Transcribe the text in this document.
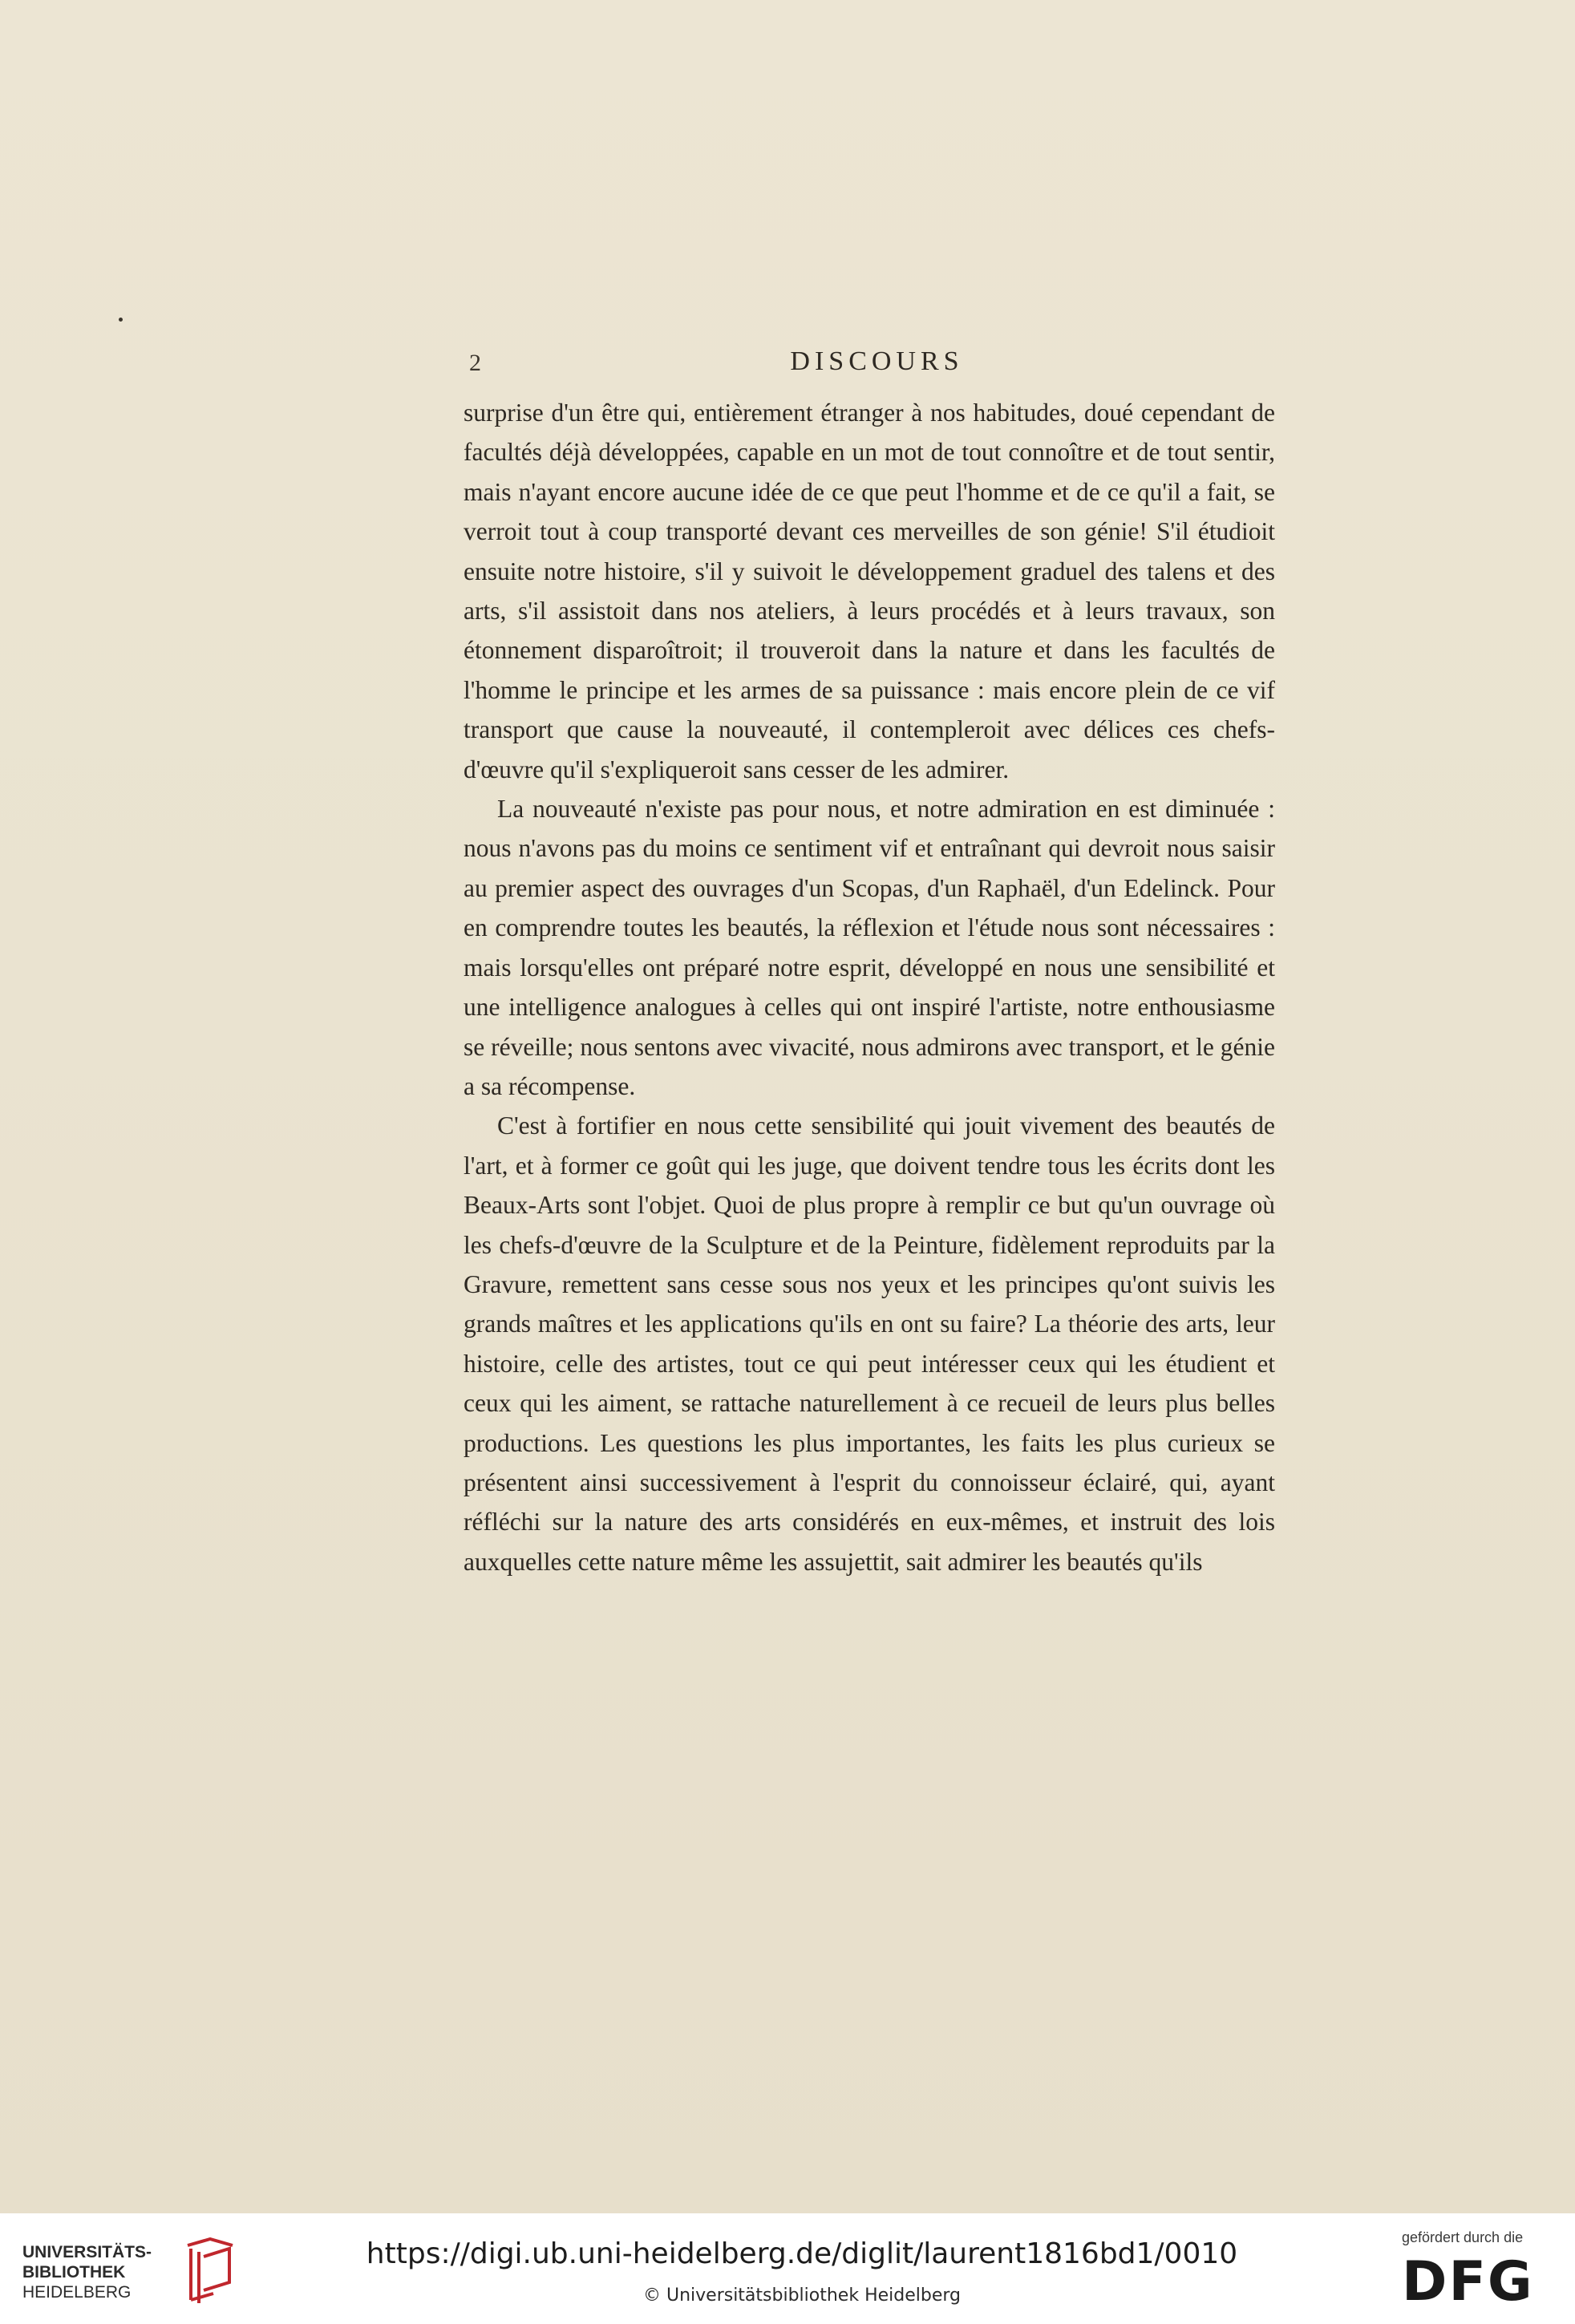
2	DISCOURS

surprise d'un être qui, entièrement étranger à nos habitudes, doué cependant de facultés déjà développées, capable en un mot de tout connoître et de tout sentir, mais n'ayant encore aucune idée de ce que peut l'homme et de ce qu'il a fait, se verroit tout à coup transporté devant ces merveilles de son génie! S'il étudioit ensuite notre histoire, s'il y suivoit le développement graduel des talens et des arts, s'il assistoit dans nos ateliers, à leurs procédés et à leurs travaux, son étonnement disparoîtroit; il trouveroit dans la nature et dans les facultés de l'homme le principe et les armes de sa puissance : mais encore plein de ce vif transport que cause la nouveauté, il contempleroit avec délices ces chefs-d'œuvre qu'il s'expliqueroit sans cesser de les admirer.

La nouveauté n'existe pas pour nous, et notre admiration en est diminuée : nous n'avons pas du moins ce sentiment vif et entraînant qui devroit nous saisir au premier aspect des ouvrages d'un Scopas, d'un Raphaël, d'un Edelinck. Pour en comprendre toutes les beautés, la réflexion et l'étude nous sont nécessaires : mais lorsqu'elles ont préparé notre esprit, développé en nous une sensibilité et une intelligence analogues à celles qui ont inspiré l'artiste, notre enthousiasme se réveille; nous sentons avec vivacité, nous admirons avec transport, et le génie a sa récompense.

C'est à fortifier en nous cette sensibilité qui jouit vivement des beautés de l'art, et à former ce goût qui les juge, que doivent tendre tous les écrits dont les Beaux-Arts sont l'objet. Quoi de plus propre à remplir ce but qu'un ouvrage où les chefs-d'œuvre de la Sculpture et de la Peinture, fidèlement reproduits par la Gravure, remettent sans cesse sous nos yeux et les principes qu'ont suivis les grands maîtres et les applications qu'ils en ont su faire? La théorie des arts, leur histoire, celle des artistes, tout ce qui peut intéresser ceux qui les étudient et ceux qui les aiment, se rattache naturellement à ce recueil de leurs plus belles productions. Les questions les plus importantes, les faits les plus curieux se présentent ainsi successivement à l'esprit du connoisseur éclairé, qui, ayant réfléchi sur la nature des arts considérés en eux-mêmes, et instruit des lois auxquelles cette nature même les assujettit, sait admirer les beautés qu'ils

UNIVERSITÄTS-
BIBLIOTHEK
HEIDELBERG
https://digi.ub.uni-heidelberg.de/diglit/laurent1816bd1/0010
© Universitätsbibliothek Heidelberg
gefördert durch die
DFG
